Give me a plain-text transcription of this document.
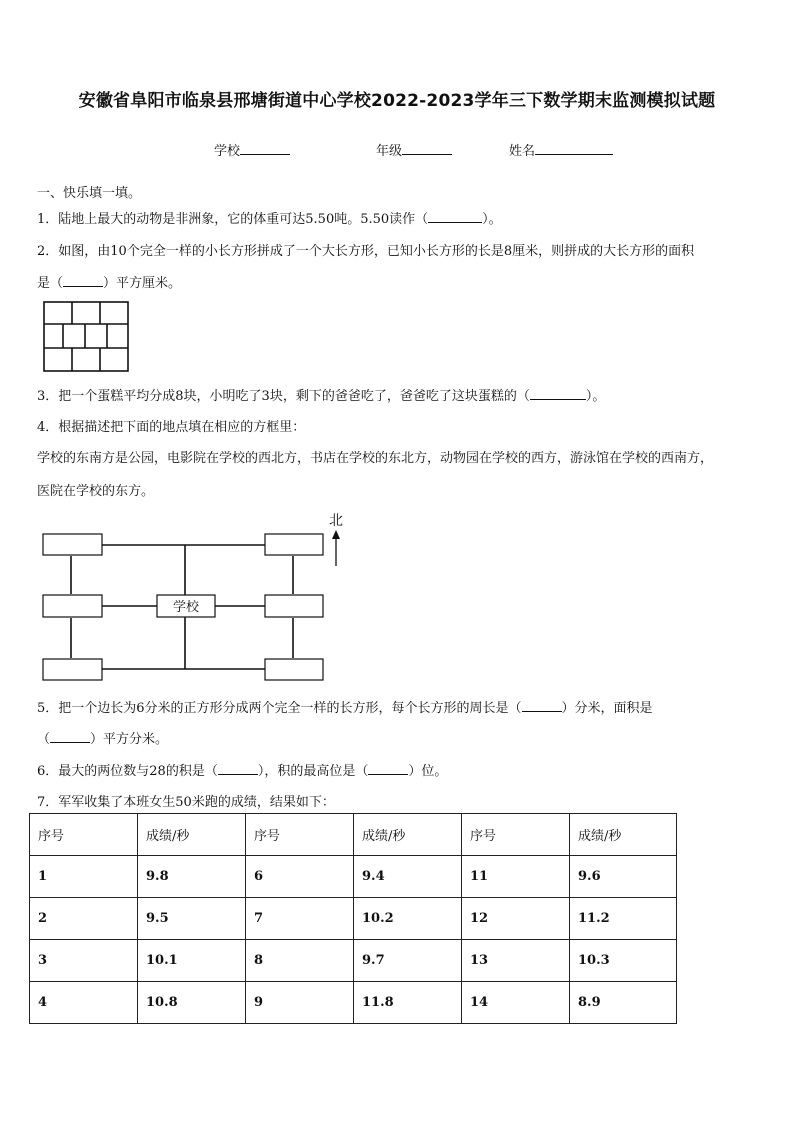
安徽省阜阳市临泉县邢塘街道中心学校2022-2023学年三下数学期末监测模拟试题
学校	年级	姓名
一、快乐填一填。
1．陆地上最大的动物是非洲象，它的体重可达5.50吨。5.50读作（	）。
2．如图，由10个完全一样的小长方形拼成了一个大长方形，已知小长方形的长是8厘米，则拼成的大长方形的面积
是（	）平方厘米。
3．把一个蛋糕平均分成8块，小明吃了3块，剩下的爸爸吃了，爸爸吃了这块蛋糕的（	）。
4．根据描述把下面的地点填在相应的方框里：
学校的东南方是公园，电影院在学校的西北方，书店在学校的东北方，动物园在学校的西方，游泳馆在学校的西南方，
医院在学校的东方。
学校
北
5．把一个边长为6分米的正方形分成两个完全一样的长方形，每个长方形的周长是（	）分米，面积是
（	）平方分米。
6．最大的两位数与28的积是（	），积的最高位是（	）位。
7．军军收集了本班女生50米跑的成绩，结果如下：
序号	成绩/秒	序号	成绩/秒	序号	成绩/秒
1	9.8	6	9.4	11	9.6
2	9.5	7	10.2	12	11.2
3	10.1	8	9.7	13	10.3
4	10.8	9	11.8	14	8.9
